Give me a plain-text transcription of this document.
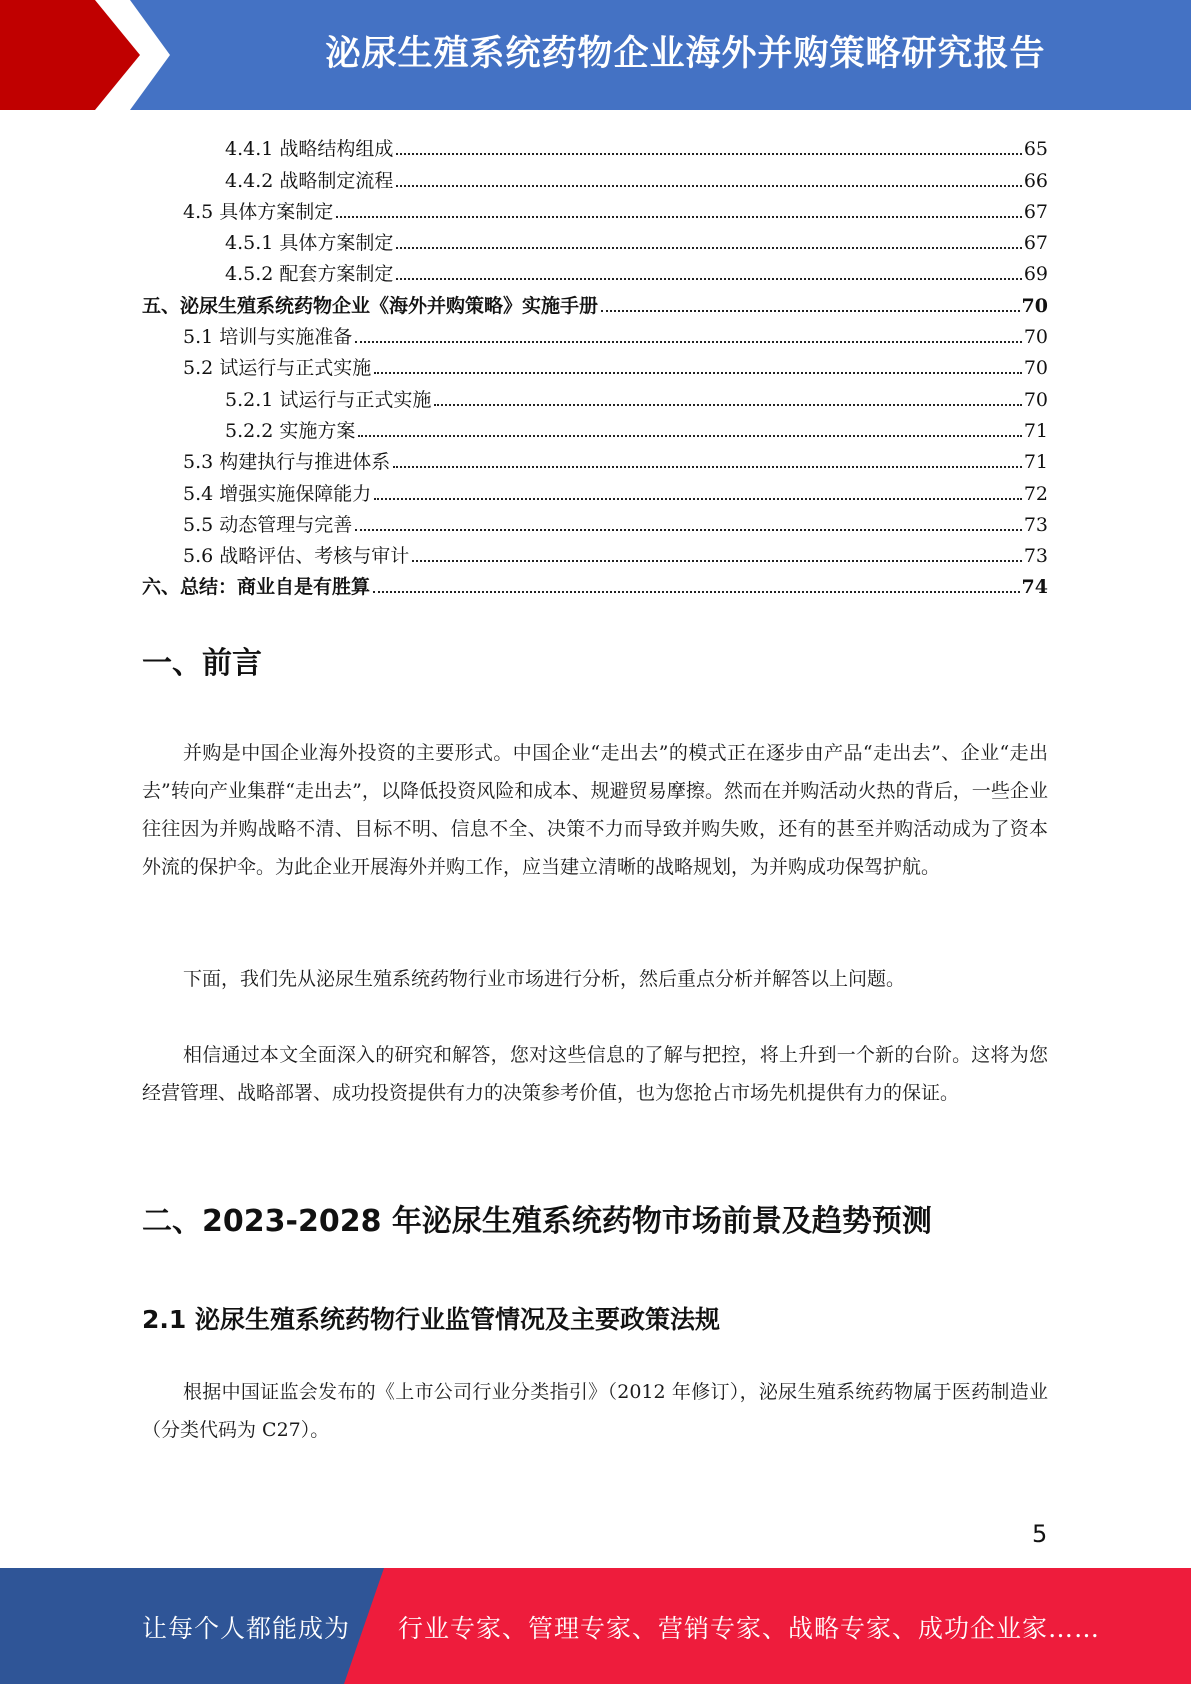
泌尿生殖系统药物企业海外并购策略研究报告
4.4.1 战略结构组成	65
4.4.2 战略制定流程	66
4.5 具体方案制定	67
4.5.1 具体方案制定	67
4.5.2 配套方案制定	69
五、泌尿生殖系统药物企业《海外并购策略》实施手册	70
5.1 培训与实施准备	70
5.2 试运行与正式实施	70
5.2.1 试运行与正式实施	70
5.2.2 实施方案	71
5.3 构建执行与推进体系	71
5.4 增强实施保障能力	72
5.5 动态管理与完善	73
5.6 战略评估、考核与审计	73
六、总结：商业自是有胜算	74
一、前言
并购是中国企业海外投资的主要形式。中国企业“走出去”的模式正在逐步由产品“走出去”、企业“走出去”转向产业集群“走出去”，以降低投资风险和成本、规避贸易摩擦。然而在并购活动火热的背后，一些企业往往因为并购战略不清、目标不明、信息不全、决策不力而导致并购失败，还有的甚至并购活动成为了资本外流的保护伞。为此企业开展海外并购工作，应当建立清晰的战略规划，为并购成功保驾护航。
下面，我们先从泌尿生殖系统药物行业市场进行分析，然后重点分析并解答以上问题。
相信通过本文全面深入的研究和解答，您对这些信息的了解与把控，将上升到一个新的台阶。这将为您经营管理、战略部署、成功投资提供有力的决策参考价值，也为您抢占市场先机提供有力的保证。
二、2023-2028 年泌尿生殖系统药物市场前景及趋势预测
2.1 泌尿生殖系统药物行业监管情况及主要政策法规
根据中国证监会发布的《上市公司行业分类指引》（2012 年修订），泌尿生殖系统药物属于医药制造业（分类代码为 C27）。
5
让每个人都能成为 行业专家、管理专家、营销专家、战略专家、成功企业家……
